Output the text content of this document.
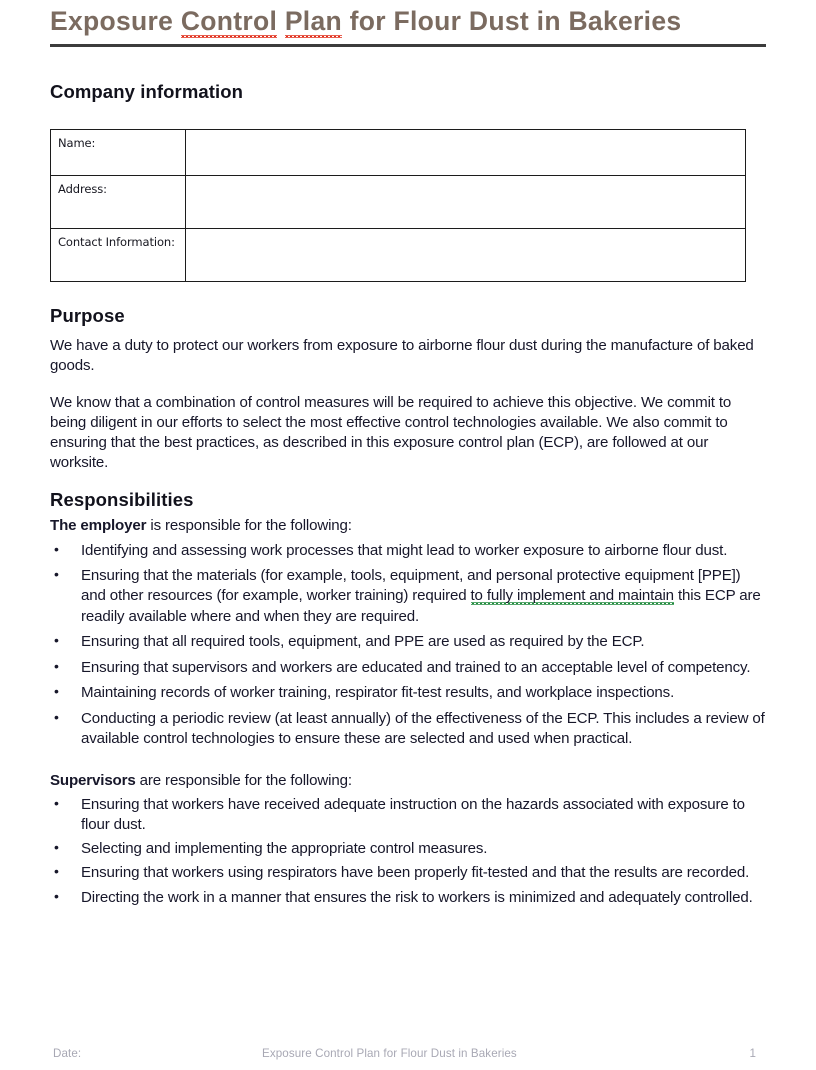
Exposure Control Plan for Flour Dust in Bakeries
Company information
Name:	
Address:	
Contact Information:	
Purpose

We have a duty to protect our workers from exposure to airborne flour dust during the manufacture of baked goods.

We know that a combination of control measures will be required to achieve this objective. We commit to being diligent in our efforts to select the most effective control technologies available. We also commit to ensuring that the best practices, as described in this exposure control plan (ECP), are followed at our worksite.

Responsibilities

The employer is responsible for the following:

• Identifying and assessing work processes that might lead to worker exposure to airborne flour dust.
• Ensuring that the materials (for example, tools, equipment, and personal protective equipment [PPE]) and other resources (for example, worker training) required to fully implement and maintain this ECP are readily available where and when they are required.
• Ensuring that all required tools, equipment, and PPE are used as required by the ECP.
• Ensuring that supervisors and workers are educated and trained to an acceptable level of competency.
• Maintaining records of worker training, respirator fit-test results, and workplace inspections.
• Conducting a periodic review (at least annually) of the effectiveness of the ECP. This includes a review of available control technologies to ensure these are selected and used when practical.

Supervisors are responsible for the following:

• Ensuring that workers have received adequate instruction on the hazards associated with exposure to flour dust.
• Selecting and implementing the appropriate control measures.
• Ensuring that workers using respirators have been properly fit-tested and that the results are recorded.
• Directing the work in a manner that ensures the risk to workers is minimized and adequately controlled.
Date:	Exposure Control Plan for Flour Dust in Bakeries	1
